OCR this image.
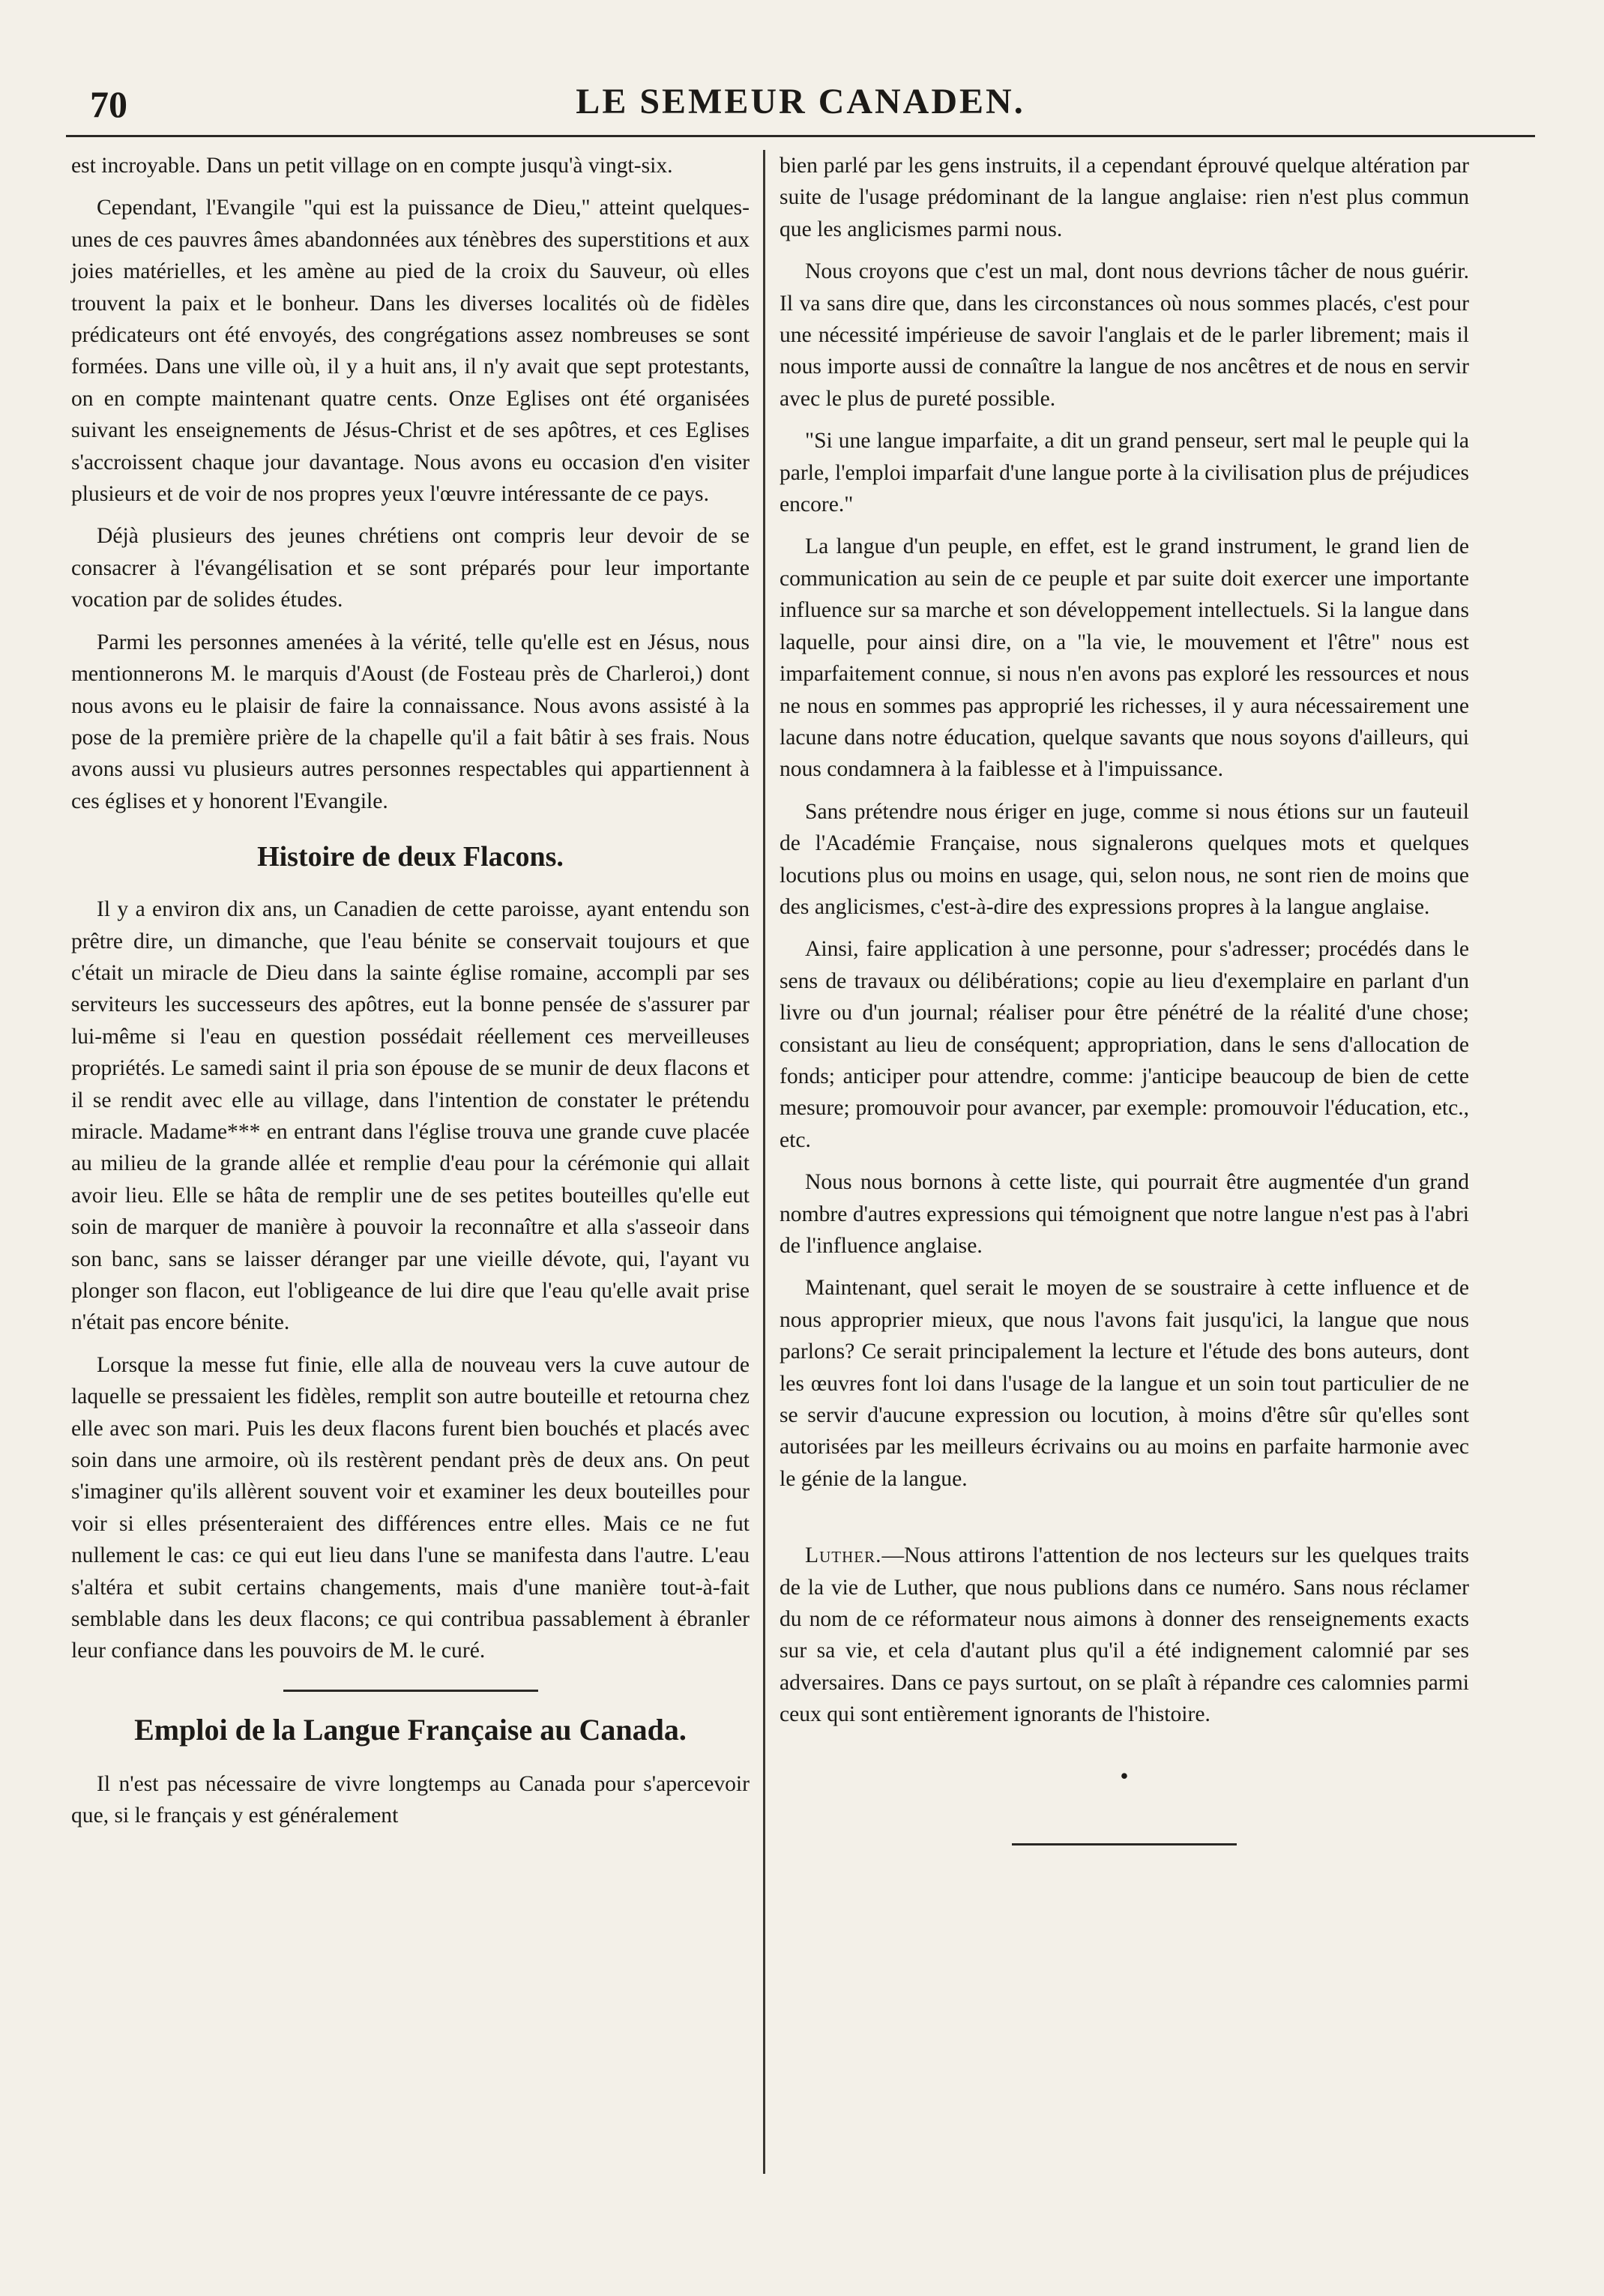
70	LE SEMEUR CANADEN.

est incroyable. Dans un petit village on en compte jusqu'à vingt-six.

Cependant, l'Evangile "qui est la puissance de Dieu," atteint quelques-unes de ces pauvres âmes abandonnées aux ténèbres des superstitions et aux joies matérielles, et les amène au pied de la croix du Sauveur, où elles trouvent la paix et le bonheur. Dans les diverses localités où de fidèles prédicateurs ont été envoyés, des congrégations assez nombreuses se sont formées. Dans une ville où, il y a huit ans, il n'y avait que sept protestants, on en compte maintenant quatre cents. Onze Eglises ont été organisées suivant les enseignements de Jésus-Christ et de ses apôtres, et ces Eglises s'accroissent chaque jour davantage. Nous avons eu occasion d'en visiter plusieurs et de voir de nos propres yeux l'œuvre intéressante de ce pays.

Déjà plusieurs des jeunes chrétiens ont compris leur devoir de se consacrer à l'évangélisation et se sont préparés pour leur importante vocation par de solides études.

Parmi les personnes amenées à la vérité, telle qu'elle est en Jésus, nous mentionnerons M. le marquis d'Aoust (de Fosteau près de Charleroi,) dont nous avons eu le plaisir de faire la connaissance. Nous avons assisté à la pose de la première prière de la chapelle qu'il a fait bâtir à ses frais. Nous avons aussi vu plusieurs autres personnes respectables qui appartiennent à ces églises et y honorent l'Evangile.

Histoire de deux Flacons.

Il y a environ dix ans, un Canadien de cette paroisse, ayant entendu son prêtre dire, un dimanche, que l'eau bénite se conservait toujours et que c'était un miracle de Dieu dans la sainte église romaine, accompli par ses serviteurs les successeurs des apôtres, eut la bonne pensée de s'assurer par lui-même si l'eau en question possédait réellement ces merveilleuses propriétés. Le samedi saint il pria son épouse de se munir de deux flacons et il se rendit avec elle au village, dans l'intention de constater le prétendu miracle. Madame*** en entrant dans l'église trouva une grande cuve placée au milieu de la grande allée et remplie d'eau pour la cérémonie qui allait avoir lieu. Elle se hâta de remplir une de ses petites bouteilles qu'elle eut soin de marquer de manière à pouvoir la reconnaître et alla s'asseoir dans son banc, sans se laisser déranger par une vieille dévote, qui, l'ayant vu plonger son flacon, eut l'obligeance de lui dire que l'eau qu'elle avait prise n'était pas encore bénite.

Lorsque la messe fut finie, elle alla de nouveau vers la cuve autour de laquelle se pressaient les fidèles, remplit son autre bouteille et retourna chez elle avec son mari. Puis les deux flacons furent bien bouchés et placés avec soin dans une armoire, où ils restèrent pendant près de deux ans. On peut s'imaginer qu'ils allèrent souvent voir et examiner les deux bouteilles pour voir si elles présenteraient des différences entre elles. Mais ce ne fut nullement le cas: ce qui eut lieu dans l'une se manifesta dans l'autre. L'eau s'altéra et subit certains changements, mais d'une manière tout-à-fait semblable dans les deux flacons; ce qui contribua passablement à ébranler leur confiance dans les pouvoirs de M. le curé.

Emploi de la Langue Française au Canada.

Il n'est pas nécessaire de vivre longtemps au Canada pour s'apercevoir que, si le français y est généralement

bien parlé par les gens instruits, il a cependant éprouvé quelque altération par suite de l'usage prédominant de la langue anglaise: rien n'est plus commun que les anglicismes parmi nous.

Nous croyons que c'est un mal, dont nous devrions tâcher de nous guérir. Il va sans dire que, dans les circonstances où nous sommes placés, c'est pour une nécessité impérieuse de savoir l'anglais et de le parler librement; mais il nous importe aussi de connaître la langue de nos ancêtres et de nous en servir avec le plus de pureté possible.

"Si une langue imparfaite, a dit un grand penseur, sert mal le peuple qui la parle, l'emploi imparfait d'une langue porte à la civilisation plus de préjudices encore."

La langue d'un peuple, en effet, est le grand instrument, le grand lien de communication au sein de ce peuple et par suite doit exercer une importante influence sur sa marche et son développement intellectuels. Si la langue dans laquelle, pour ainsi dire, on a "la vie, le mouvement et l'être" nous est imparfaitement connue, si nous n'en avons pas exploré les ressources et nous ne nous en sommes pas approprié les richesses, il y aura nécessairement une lacune dans notre éducation, quelque savants que nous soyons d'ailleurs, qui nous condamnera à la faiblesse et à l'impuissance.

Sans prétendre nous ériger en juge, comme si nous étions sur un fauteuil de l'Académie Française, nous signalerons quelques mots et quelques locutions plus ou moins en usage, qui, selon nous, ne sont rien de moins que des anglicismes, c'est-à-dire des expressions propres à la langue anglaise.

Ainsi, faire application à une personne, pour s'adresser; procédés dans le sens de travaux ou délibérations; copie au lieu d'exemplaire en parlant d'un livre ou d'un journal; réaliser pour être pénétré de la réalité d'une chose; consistant au lieu de conséquent; appropriation, dans le sens d'allocation de fonds; anticiper pour attendre, comme: j'anticipe beaucoup de bien de cette mesure; promouvoir pour avancer, par exemple: promouvoir l'éducation, etc., etc.

Nous nous bornons à cette liste, qui pourrait être augmentée d'un grand nombre d'autres expressions qui témoignent que notre langue n'est pas à l'abri de l'influence anglaise.

Maintenant, quel serait le moyen de se soustraire à cette influence et de nous approprier mieux, que nous l'avons fait jusqu'ici, la langue que nous parlons? Ce serait principalement la lecture et l'étude des bons auteurs, dont les œuvres font loi dans l'usage de la langue et un soin tout particulier de ne se servir d'aucune expression ou locution, à moins d'être sûr qu'elles sont autorisées par les meilleurs écrivains ou au moins en parfaite harmonie avec le génie de la langue.

Luther.—Nous attirons l'attention de nos lecteurs sur les quelques traits de la vie de Luther, que nous publions dans ce numéro. Sans nous réclamer du nom de ce réformateur nous aimons à donner des renseignements exacts sur sa vie, et cela d'autant plus qu'il a été indignement calomnié par ses adversaires. Dans ce pays surtout, on se plaît à répandre ces calomnies parmi ceux qui sont entièrement ignorants de l'histoire.

•
